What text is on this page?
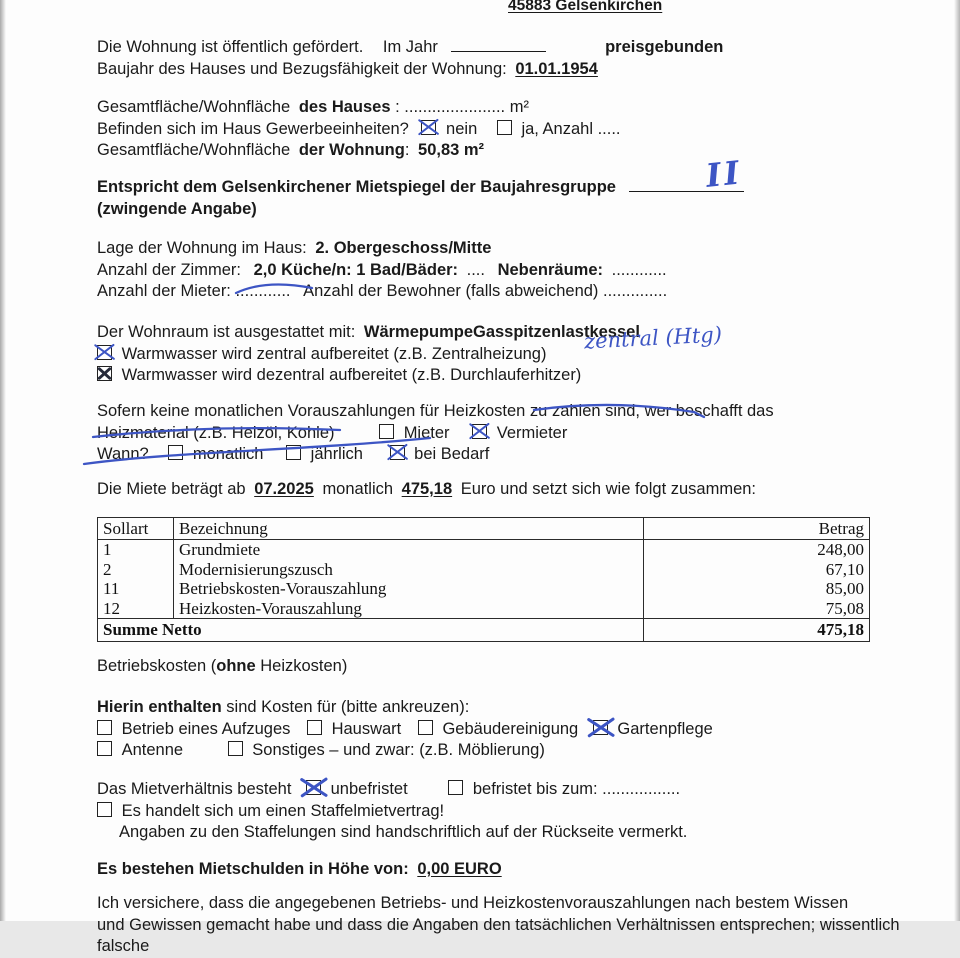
45883 Gelsenkirchen
Die Wohnung ist öffentlich gefördert. Im Jahr	preisgebunden
Baujahr des Hauses und Bezugsfähigkeit der Wohnung: 01.01.1954
Gesamtfläche/Wohnfläche des Hauses : ...................... m²
Befinden sich im Haus Gewerbeeinheiten? nein	ja, Anzahl .....
Gesamtfläche/Wohnfläche der Wohnung: 50,83 m²
Entspricht dem Gelsenkirchener Mietspiegel der Baujahresgruppe
(zwingende Angabe)
II
Lage der Wohnung im Haus: 2. Obergeschoss/Mitte
Anzahl der Zimmer: 2,0 Küche/n: 1 Bad/Bäder: .... Nebenräume: ............
Anzahl der Mieter: ............ Anzahl der Bewohner (falls abweichend) ..............
Der Wohnraum ist ausgestattet mit: WärmepumpeGasspitzenlastkessel
Warmwasser wird zentral aufbereitet (z.B. Zentralheizung)
Warmwasser wird dezentral aufbereitet (z.B. Durchlauferhitzer)
zentral (Htg)
Sofern keine monatlichen Vorauszahlungen für Heizkosten zu zahlen sind, wer beschafft das
Heizmaterial (z.B. Heizöl, Kohle)	Mieter	Vermieter
Wann?	monatlich	jährlich	bei Bedarf
Die Miete beträgt ab 07.2025 monatlich 475,18 Euro und setzt sich wie folgt zusammen:
Sollart	Bezeichnung	Betrag
1	Grundmiete	248,00
2	Modernisierungszusch	67,10
11	Betriebskosten-Vorauszahlung	85,00
12	Heizkosten-Vorauszahlung	75,08
Summe Netto		475,18
Betriebskosten (ohne Heizkosten)
Hierin enthalten sind Kosten für (bitte ankreuzen):
Betrieb eines Aufzuges Hauswart Gebäudereinigung Gartenpflege
Antenne	Sonstiges – und zwar: (z.B. Möblierung)
Das Mietverhältnis besteht unbefristet	befristet bis zum: .................
Es handelt sich um einen Staffelmietvertrag!
Angaben zu den Staffelungen sind handschriftlich auf der Rückseite vermerkt.
Es bestehen Mietschulden in Höhe von: 0,00 EURO
Ich versichere, dass die angegebenen Betriebs- und Heizkostenvorauszahlungen nach bestem Wissen
und Gewissen gemacht habe und dass die Angaben den tatsächlichen Verhältnissen entsprechen; wissentlich falsche
